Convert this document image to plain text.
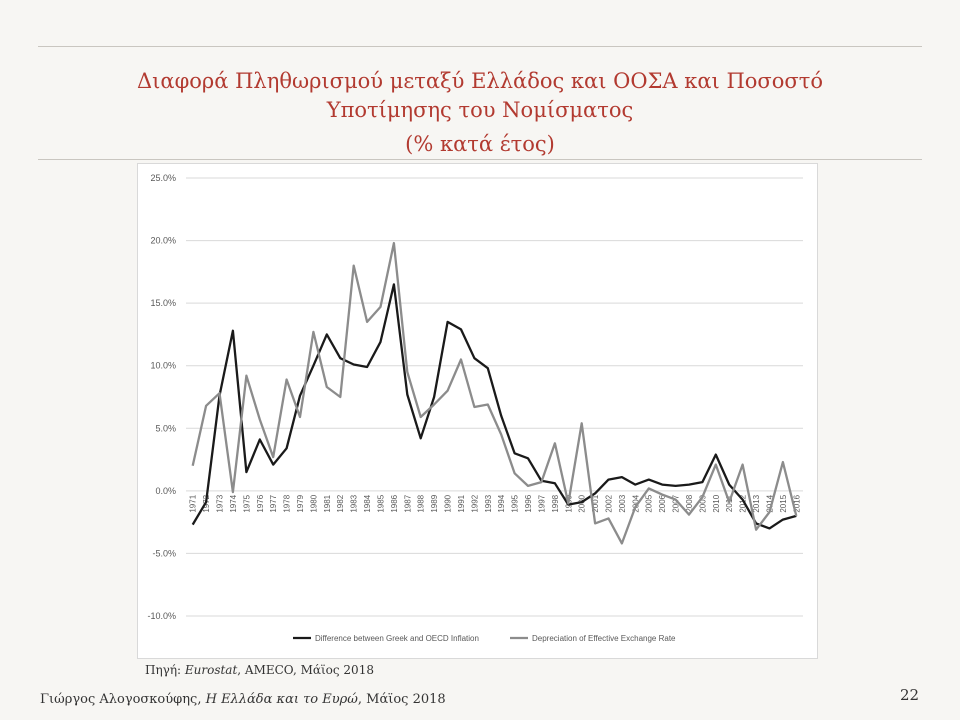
Διαφορά Πληθωρισμού μεταξύ Ελλάδος και ΟΟΣΑ και Ποσοστό
Υποτίμησης του Νομίσματος
(% κατά έτος)
25.0%
20.0%
15.0%
10.0%
5.0%
0.0%
-5.0%
-10.0%
1971 1972 1973 1974 1975 1976 1977 1978 1979 1980 1981 1982 1983 1984 1985 1986 1987 1988 1989 1990 1991 1992 1993 1994 1995 1996 1997 1998 1999 2000 2001 2002 2003 2004 2005 2006 2007 2008 2009 2010 2011 2012 2013 2014 2015 2016
Difference between Greek and OECD Inflation	Depreciation of Effective Exchange Rate
Πηγή: Eurostat, AMECO, Μάϊος 2018
Γιώργος Αλογοσκούφης, Η Ελλάδα και το Ευρώ, Μάϊος 2018	22
